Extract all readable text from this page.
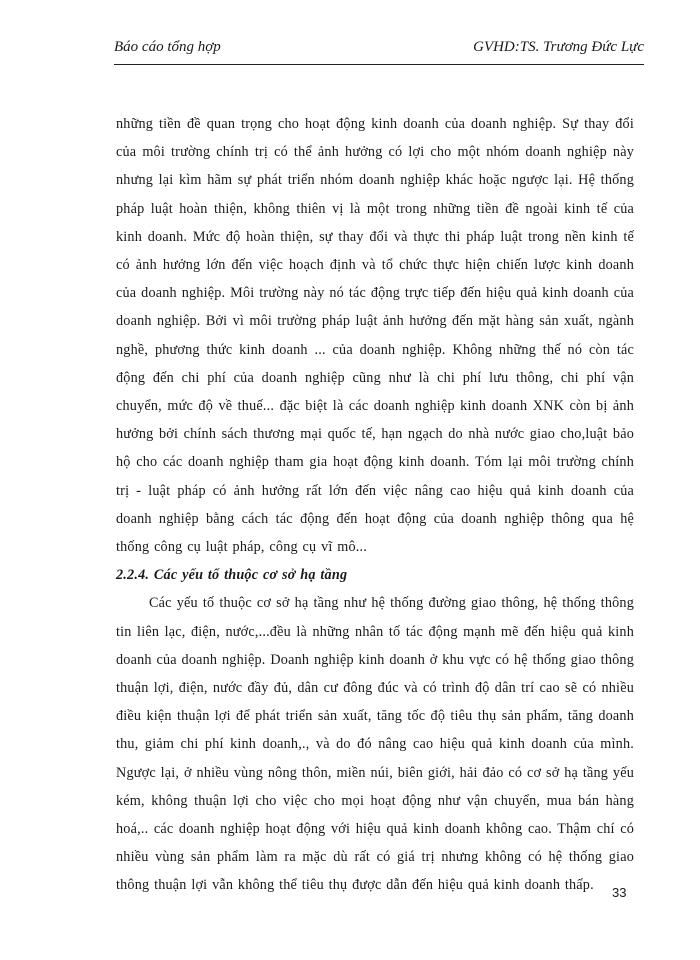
Báo cáo tổng hợp	GVHD:TS. Trương Đức Lực

những tiền đề quan trọng cho hoạt động kinh doanh của doanh nghiệp. Sự thay đổi của môi trường chính trị có thể ảnh hưởng có lợi cho một nhóm doanh nghiệp này nhưng lại kìm hãm sự phát triển nhóm doanh nghiệp khác hoặc ngược lại. Hệ thống pháp luật hoàn thiện, không thiên vị là một trong những tiền đề ngoài kinh tế của kinh doanh. Mức độ hoàn thiện, sự thay đổi và thực thi pháp luật trong nền kinh tế có ảnh hưởng lớn đến việc hoạch định và tổ chức thực hiện chiến lược kinh doanh của doanh nghiệp. Môi trường này nó tác động trực tiếp đến hiệu quả kinh doanh của doanh nghiệp. Bởi vì môi trường pháp luật ảnh hưởng đến mặt hàng sản xuất, ngành nghề, phương thức kinh doanh ... của doanh nghiệp. Không những thế nó còn tác động đến chi phí của doanh nghiệp cũng như là chi phí lưu thông, chi phí vận chuyển, mức độ về thuế... đặc biệt là các doanh nghiệp kinh doanh XNK còn bị ảnh hưởng bởi chính sách thương mại quốc tế, hạn ngạch do nhà nước giao cho,luật bảo hộ cho các doanh nghiệp tham gia hoạt động kinh doanh. Tóm lại môi trường chính trị - luật pháp có ảnh hưởng rất lớn đến việc nâng cao hiệu quả kinh doanh của doanh nghiệp bằng cách tác động đến hoạt động của doanh nghiệp thông qua hệ thống công cụ luật pháp, công cụ vĩ mô...

2.2.4. Các yếu tố thuộc cơ sở hạ tầng

Các yếu tố thuộc cơ sở hạ tầng như hệ thống đường giao thông, hệ thống thông tin liên lạc, điện, nước,...đều là những nhân tố tác động mạnh mẽ đến hiệu quả kinh doanh của doanh nghiệp. Doanh nghiệp kinh doanh ở khu vực có hệ thống giao thông thuận lợi, điện, nước đầy đủ, dân cư đông đúc và có trình độ dân trí cao sẽ có nhiều điều kiện thuận lợi để phát triển sản xuất, tăng tốc độ tiêu thụ sản phẩm, tăng doanh thu, giảm chi phí kinh doanh,., và do đó nâng cao hiệu quả kinh doanh của mình. Ngược lại, ở nhiều vùng nông thôn, miền núi, biên giới, hải đảo có cơ sở hạ tầng yếu kém, không thuận lợi cho việc cho mọi hoạt động như vận chuyển, mua bán hàng hoá,.. các doanh nghiệp hoạt động với hiệu quả kinh doanh không cao. Thậm chí có nhiều vùng sản phẩm làm ra mặc dù rất có giá trị nhưng không có hệ thống giao thông thuận lợi vẫn không thể tiêu thụ được dẫn đến hiệu quả kinh doanh thấp.	33
